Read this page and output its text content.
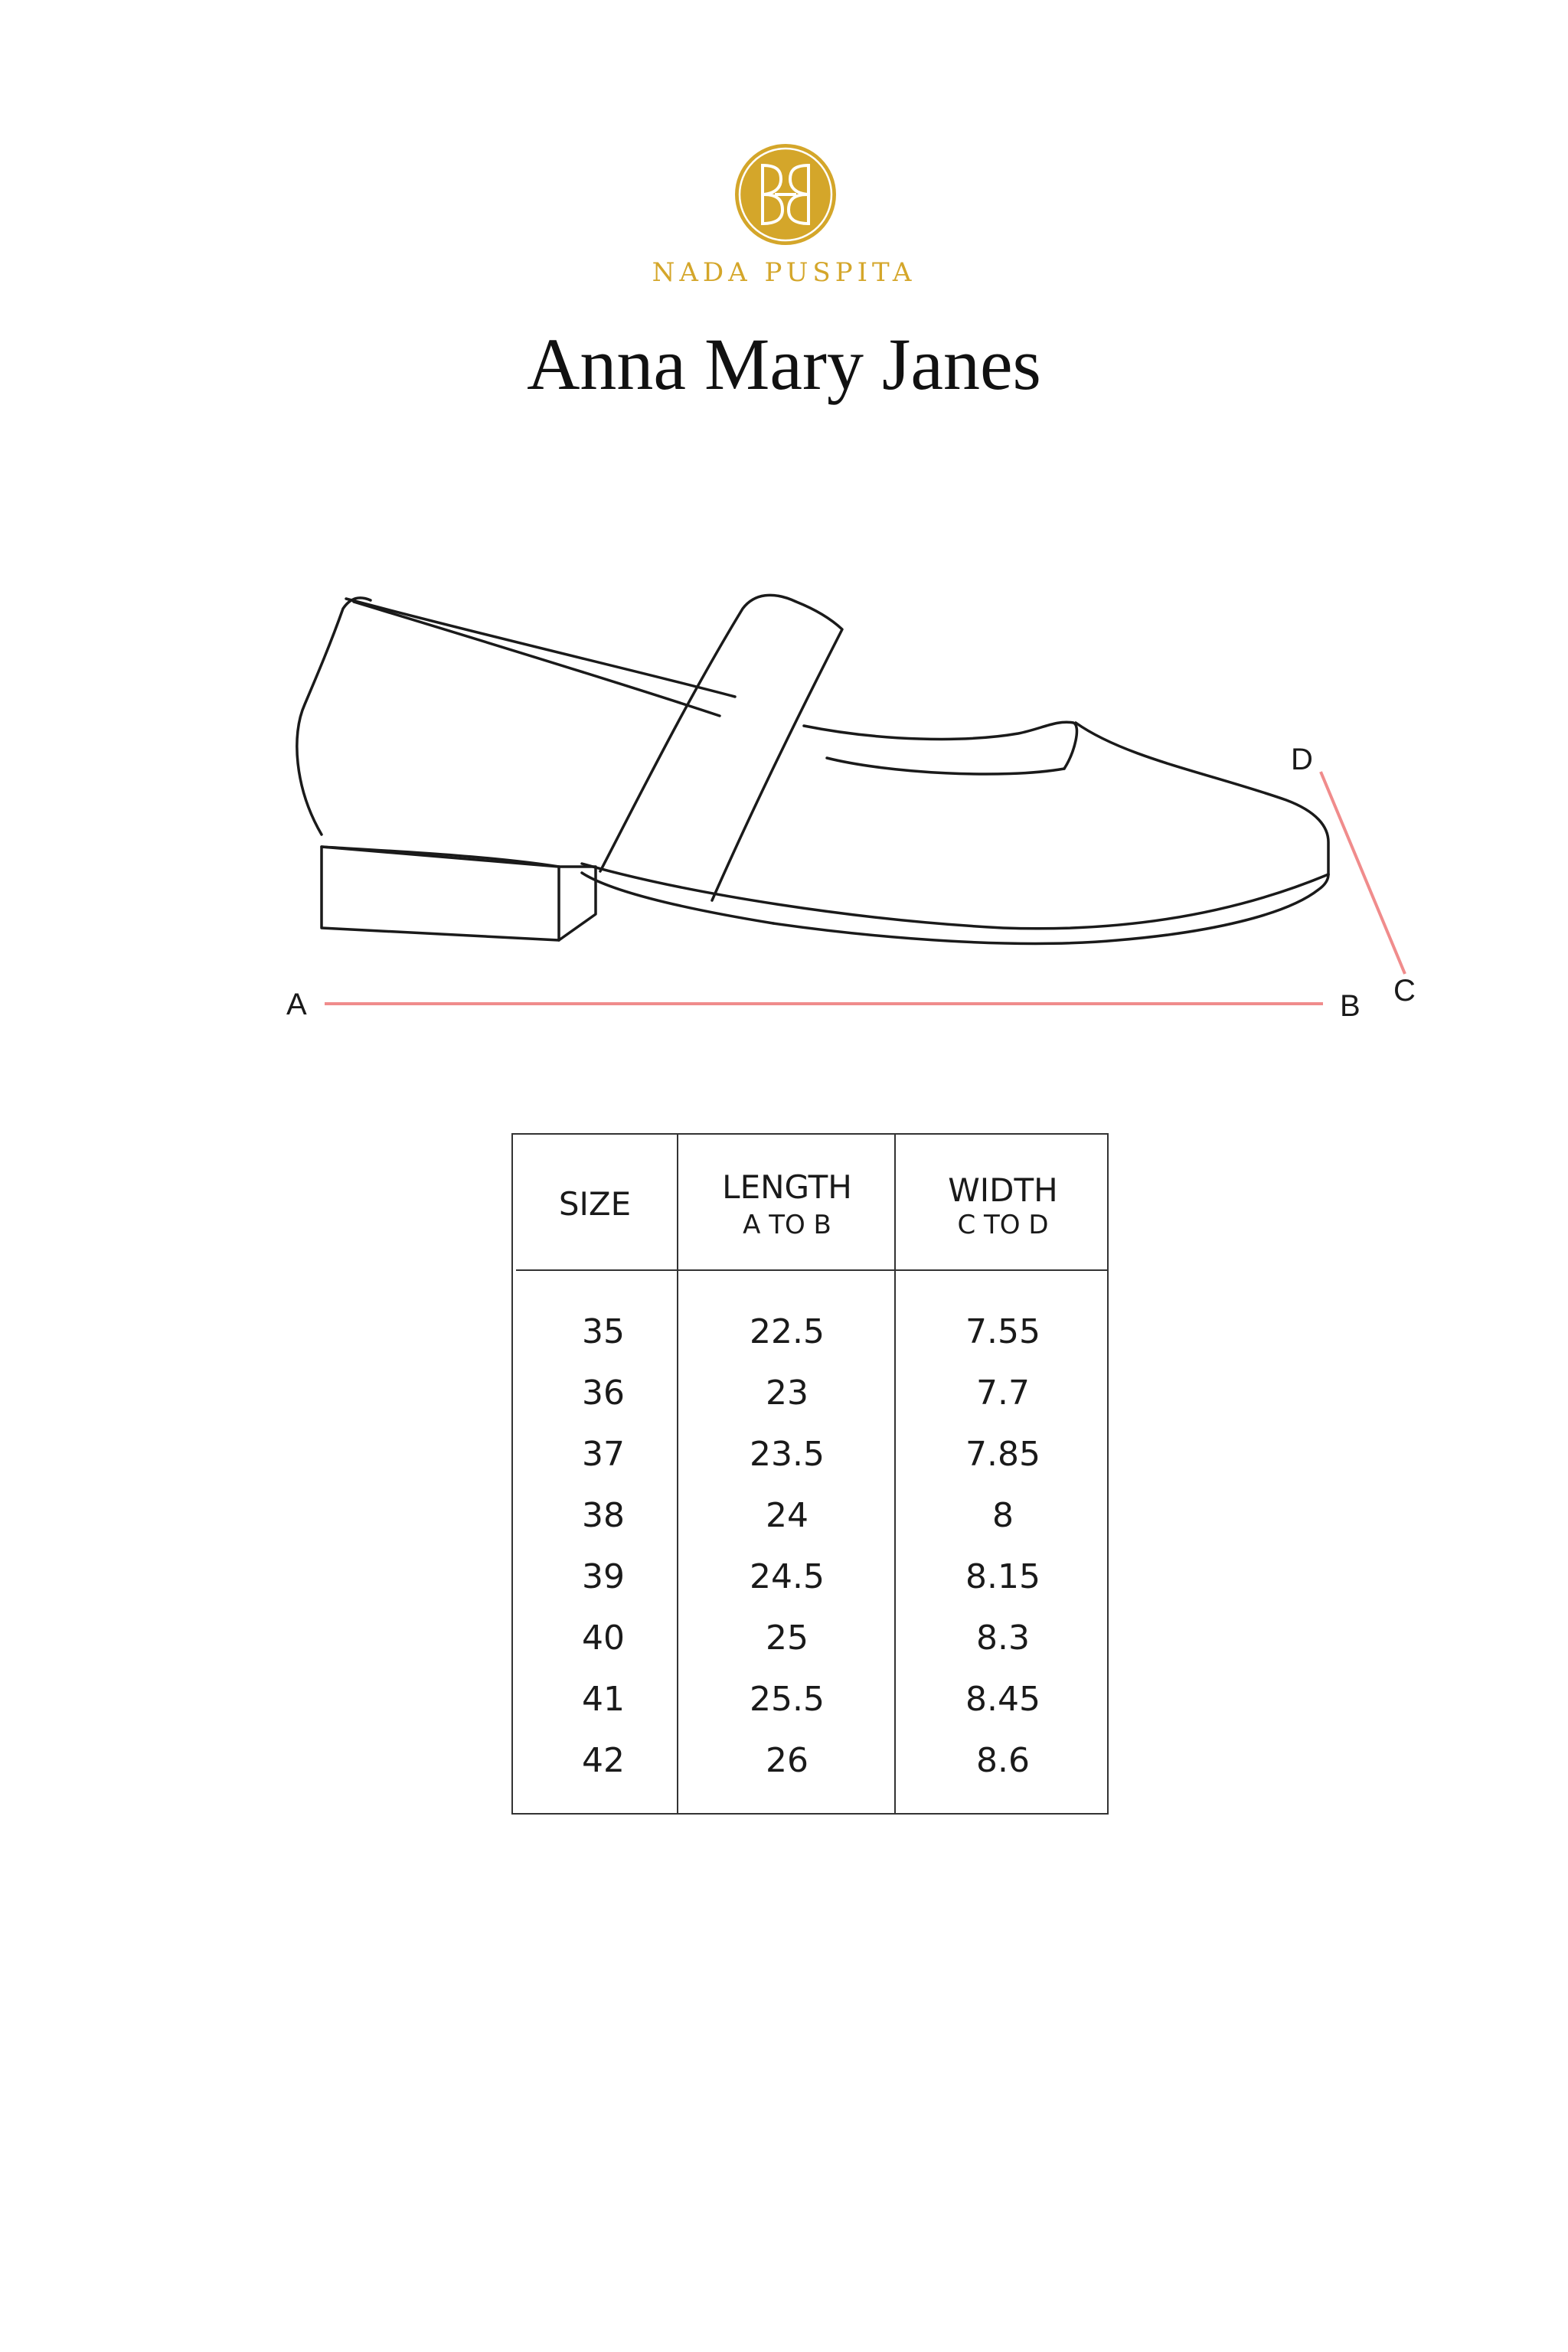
NADA PUSPITA
Anna Mary Janes
A	B C
D
SIZE
35
36
37
38
39
40
41
42
LENGTH
A TO B
22.5
23
23.5
24
24.5
25
25.5
26
WIDTH
C TO D
7.55
7.7
7.85
8
8.15
8.3
8.45
8.6
